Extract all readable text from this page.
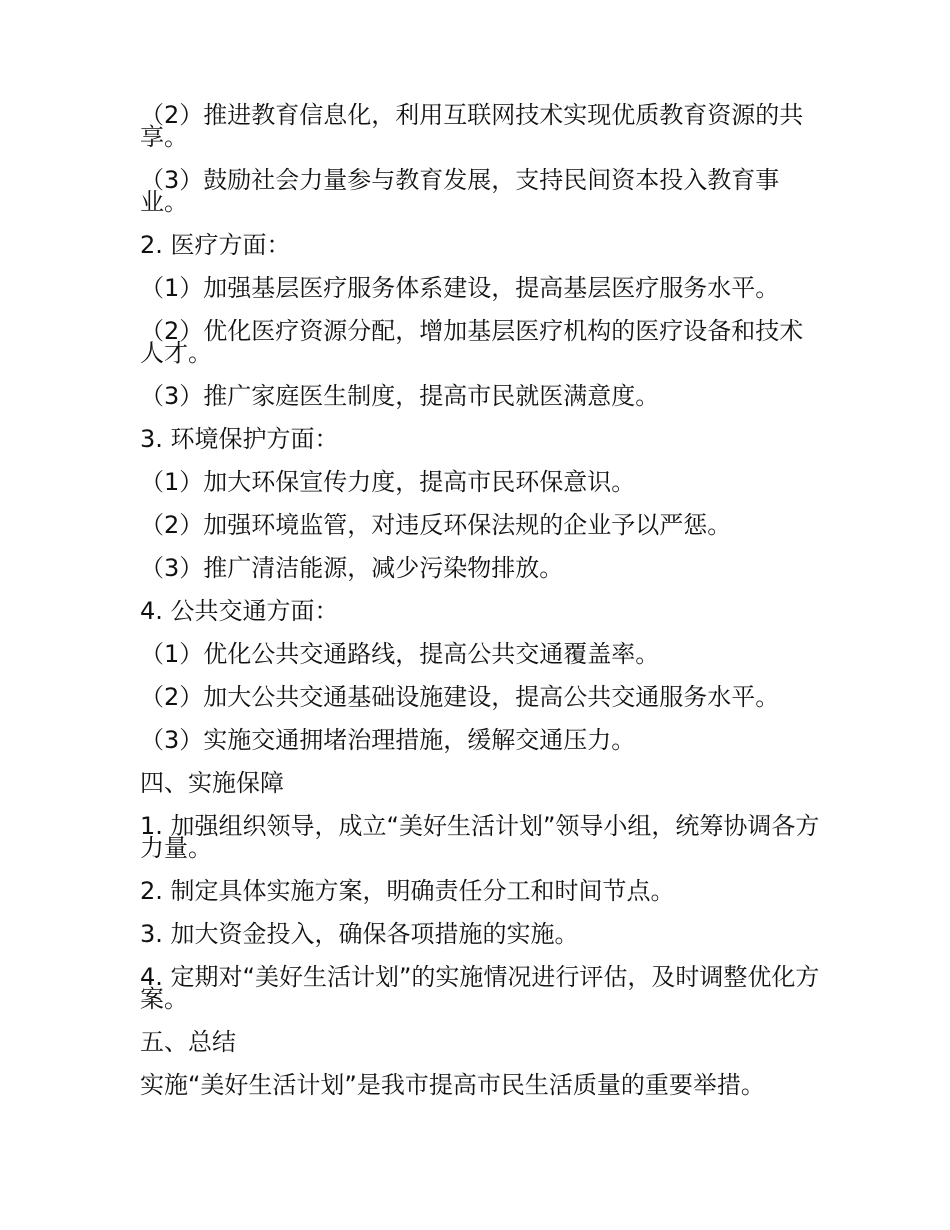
（2）推进教育信息化，利用互联网技术实现优质教育资源的共享。

（3）鼓励社会力量参与教育发展，支持民间资本投入教育事业。

2. 医疗方面：

（1）加强基层医疗服务体系建设，提高基层医疗服务水平。

（2）优化医疗资源分配，增加基层医疗机构的医疗设备和技术人才。

（3）推广家庭医生制度，提高市民就医满意度。

3. 环境保护方面：

（1）加大环保宣传力度，提高市民环保意识。

（2）加强环境监管，对违反环保法规的企业予以严惩。

（3）推广清洁能源，减少污染物排放。

4. 公共交通方面：

（1）优化公共交通路线，提高公共交通覆盖率。

（2）加大公共交通基础设施建设，提高公共交通服务水平。

（3）实施交通拥堵治理措施，缓解交通压力。

四、实施保障

1. 加强组织领导，成立“美好生活计划”领导小组，统筹协调各方力量。

2. 制定具体实施方案，明确责任分工和时间节点。

3. 加大资金投入，确保各项措施的实施。

4. 定期对“美好生活计划”的实施情况进行评估，及时调整优化方案。

五、总结

实施“美好生活计划”是我市提高市民生活质量的重要举措。
